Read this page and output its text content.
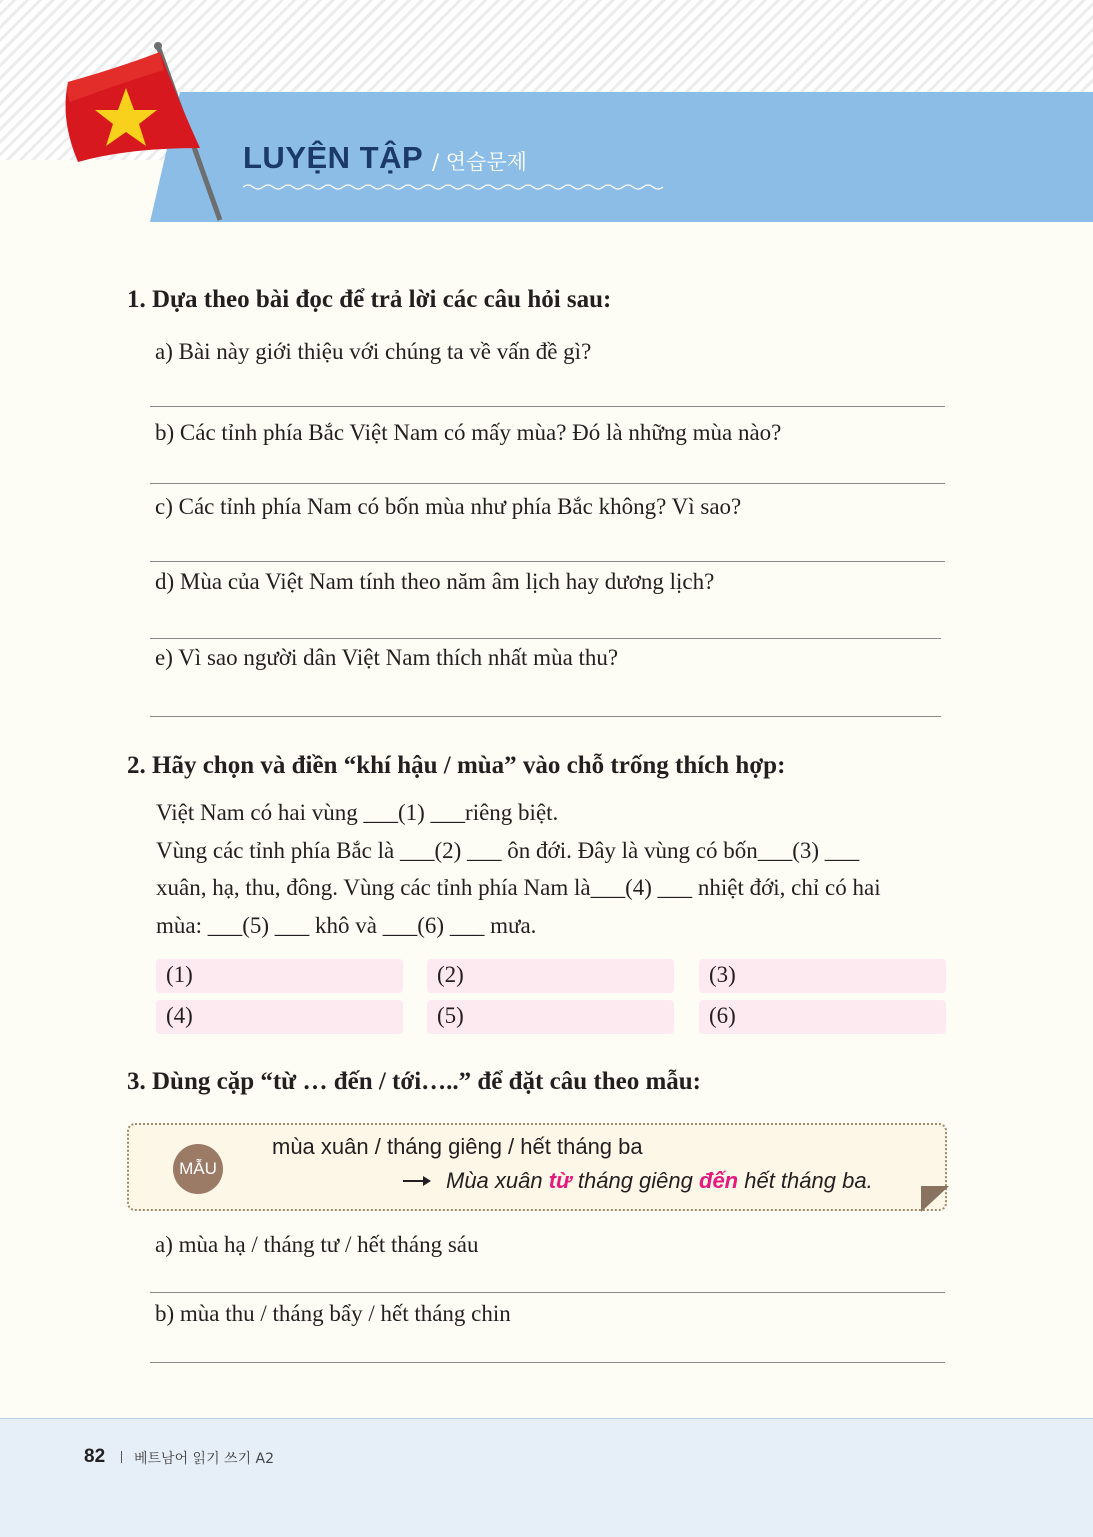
LUYỆN TẬP / 연습문제
1. Dựa theo bài đọc để trả lời các câu hỏi sau:
a) Bài này giới thiệu với chúng ta về vấn đề gì?
b) Các tỉnh phía Bắc Việt Nam có mấy mùa? Đó là những mùa nào?
c) Các tỉnh phía Nam có bốn mùa như phía Bắc không? Vì sao?
d) Mùa của Việt Nam tính theo năm âm lịch hay dương lịch?
e) Vì sao người dân Việt Nam thích nhất mùa thu?
2. Hãy chọn và điền “khí hậu / mùa” vào chỗ trống thích hợp:
Việt Nam có hai vùng ___(1) ___riêng biệt.
Vùng các tỉnh phía Bắc là ___(2) ___ ôn đới. Đây là vùng có bốn___(3) ___
xuân, hạ, thu, đông. Vùng các tỉnh phía Nam là___(4) ___ nhiệt đới, chỉ có hai
mùa: ___(5) ___ khô và ___(6) ___ mưa.
(1)	(2)	(3)
(4)	(5)	(6)
3. Dùng cặp “từ … đến / tới…..” để đặt câu theo mẫu:
MẪU
mùa xuân / tháng giêng / hết tháng ba
Mùa xuân từ tháng giêng đến hết tháng ba.
a) mùa hạ / tháng tư / hết tháng sáu
b) mùa thu / tháng bẩy / hết tháng chin
82 베트남어 읽기 쓰기 A2
